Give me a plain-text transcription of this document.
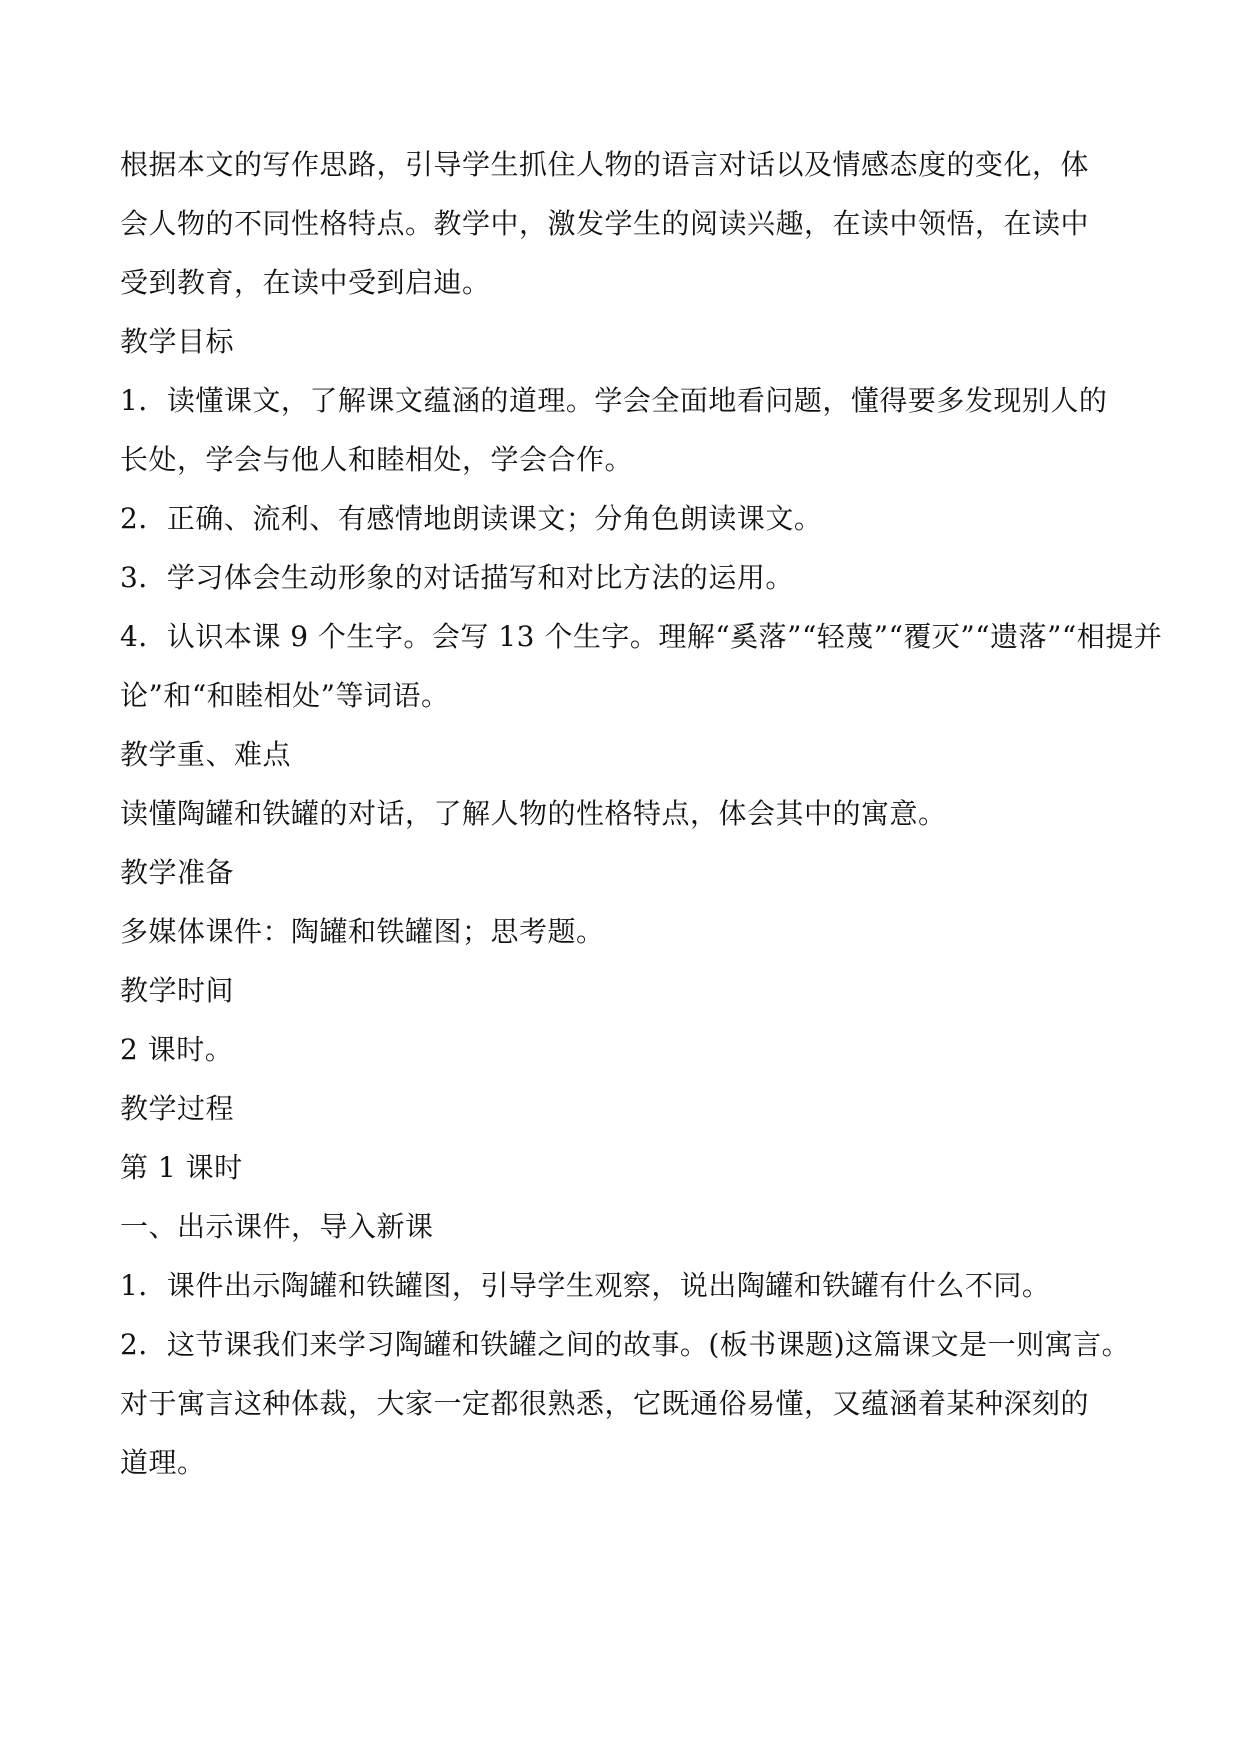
根据本文的写作思路，引导学生抓住人物的语言对话以及情感态度的变化，体
会人物的不同性格特点。教学中，激发学生的阅读兴趣，在读中领悟，在读中
受到教育，在读中受到启迪。
教学目标
1．读懂课文，了解课文蕴涵的道理。学会全面地看问题，懂得要多发现别人的
长处，学会与他人和睦相处，学会合作。
2．正确、流利、有感情地朗读课文；分角色朗读课文。
3．学习体会生动形象的对话描写和对比方法的运用。
4．认识本课 9 个生字。会写 13 个生字。理解“奚落”“轻蔑”“覆灭”“遗落”“相提并
论”和“和睦相处”等词语。
教学重、难点
读懂陶罐和铁罐的对话，了解人物的性格特点，体会其中的寓意。
教学准备
多媒体课件：陶罐和铁罐图；思考题。
教学时间
2 课时。
教学过程
第 1 课时
一、出示课件，导入新课
1．课件出示陶罐和铁罐图，引导学生观察，说出陶罐和铁罐有什么不同。
2．这节课我们来学习陶罐和铁罐之间的故事。(板书课题)这篇课文是一则寓言。
对于寓言这种体裁，大家一定都很熟悉，它既通俗易懂，又蕴涵着某种深刻的
道理。
